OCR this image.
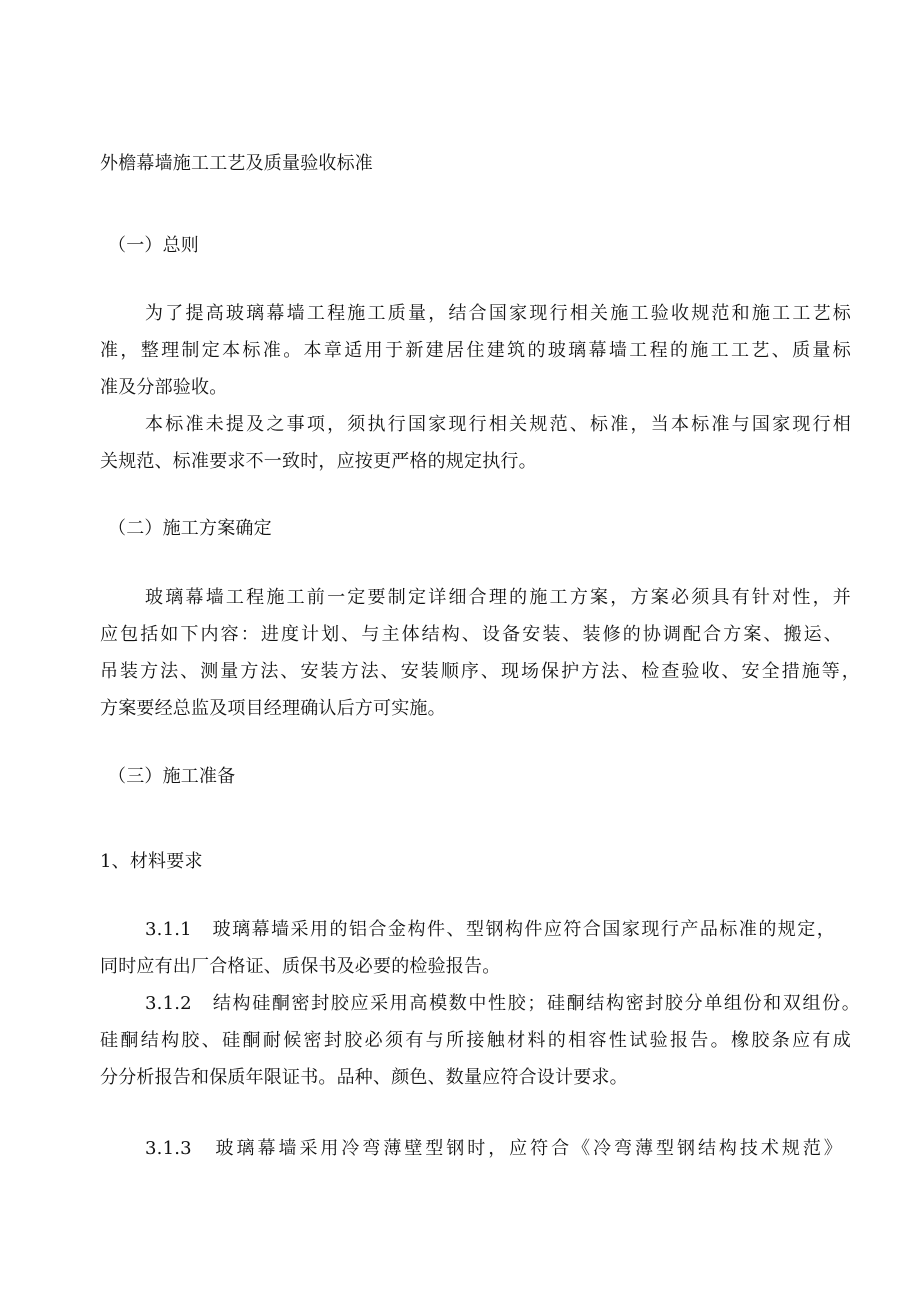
外檐幕墙施工工艺及质量验收标准
（一）总则
为了提高玻璃幕墙工程施工质量，结合国家现行相关施工验收规范和施工工艺标
准，整理制定本标准。本章适用于新建居住建筑的玻璃幕墙工程的施工工艺、质量标
准及分部验收。
本标准未提及之事项，须执行国家现行相关规范、标准，当本标准与国家现行相
关规范、标准要求不一致时，应按更严格的规定执行。
（二）施工方案确定
玻璃幕墙工程施工前一定要制定详细合理的施工方案，方案必须具有针对性，并
应包括如下内容：进度计划、与主体结构、设备安装、装修的协调配合方案、搬运、
吊装方法、测量方法、安装方法、安装顺序、现场保护方法、检查验收、安全措施等，
方案要经总监及项目经理确认后方可实施。
（三）施工准备
1、材料要求
3.1.1　玻璃幕墙采用的铝合金构件、型钢构件应符合国家现行产品标准的规定，
同时应有出厂合格证、质保书及必要的检验报告。
3.1.2　结构硅酮密封胶应采用高模数中性胶；硅酮结构密封胶分单组份和双组份。
硅酮结构胶、硅酮耐候密封胶必须有与所接触材料的相容性试验报告。橡胶条应有成
分分析报告和保质年限证书。品种、颜色、数量应符合设计要求。
3.1.3　玻璃幕墙采用冷弯薄壁型钢时，应符合《冷弯薄型钢结构技术规范》
